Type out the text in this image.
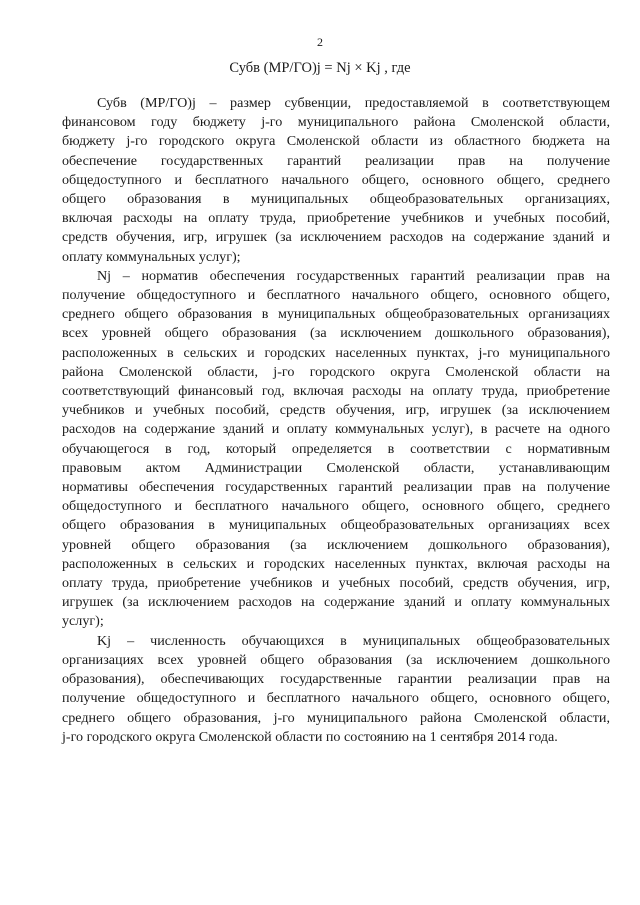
2
Субв (МР/ГО)j = Nj × Kj , где
Субв (МР/ГО)j – размер субвенции, предоставляемой в соответствующем
финансовом году бюджету j-го муниципального района Смоленской области,
бюджету j-го городского округа Смоленской области из областного бюджета на
обеспечение государственных гарантий реализации прав на получение
общедоступного и бесплатного начального общего, основного общего, среднего
общего образования в муниципальных общеобразовательных организациях,
включая расходы на оплату труда, приобретение учебников и учебных пособий,
средств обучения, игр, игрушек (за исключением расходов на содержание зданий и
оплату коммунальных услуг);
Nj – норматив обеспечения государственных гарантий реализации прав на
получение общедоступного и бесплатного начального общего, основного общего,
среднего общего образования в муниципальных общеобразовательных организациях
всех уровней общего образования (за исключением дошкольного образования),
расположенных в сельских и городских населенных пунктах, j-го муниципального
района Смоленской области, j-го городского округа Смоленской области на
соответствующий финансовый год, включая расходы на оплату труда, приобретение
учебников и учебных пособий, средств обучения, игр, игрушек (за исключением
расходов на содержание зданий и оплату коммунальных услуг), в расчете на одного
обучающегося в год, который определяется в соответствии с нормативным
правовым актом Администрации Смоленской области, устанавливающим
нормативы обеспечения государственных гарантий реализации прав на получение
общедоступного и бесплатного начального общего, основного общего, среднего
общего образования в муниципальных общеобразовательных организациях всех
уровней общего образования (за исключением дошкольного образования),
расположенных в сельских и городских населенных пунктах, включая расходы на
оплату труда, приобретение учебников и учебных пособий, средств обучения, игр,
игрушек (за исключением расходов на содержание зданий и оплату коммунальных
услуг);
Kj – численность обучающихся в муниципальных общеобразовательных
организациях всех уровней общего образования (за исключением дошкольного
образования), обеспечивающих государственные гарантии реализации прав на
получение общедоступного и бесплатного начального общего, основного общего,
среднего общего образования, j-го муниципального района Смоленской области,
j-го городского округа Смоленской области по состоянию на 1 сентября 2014 года.
